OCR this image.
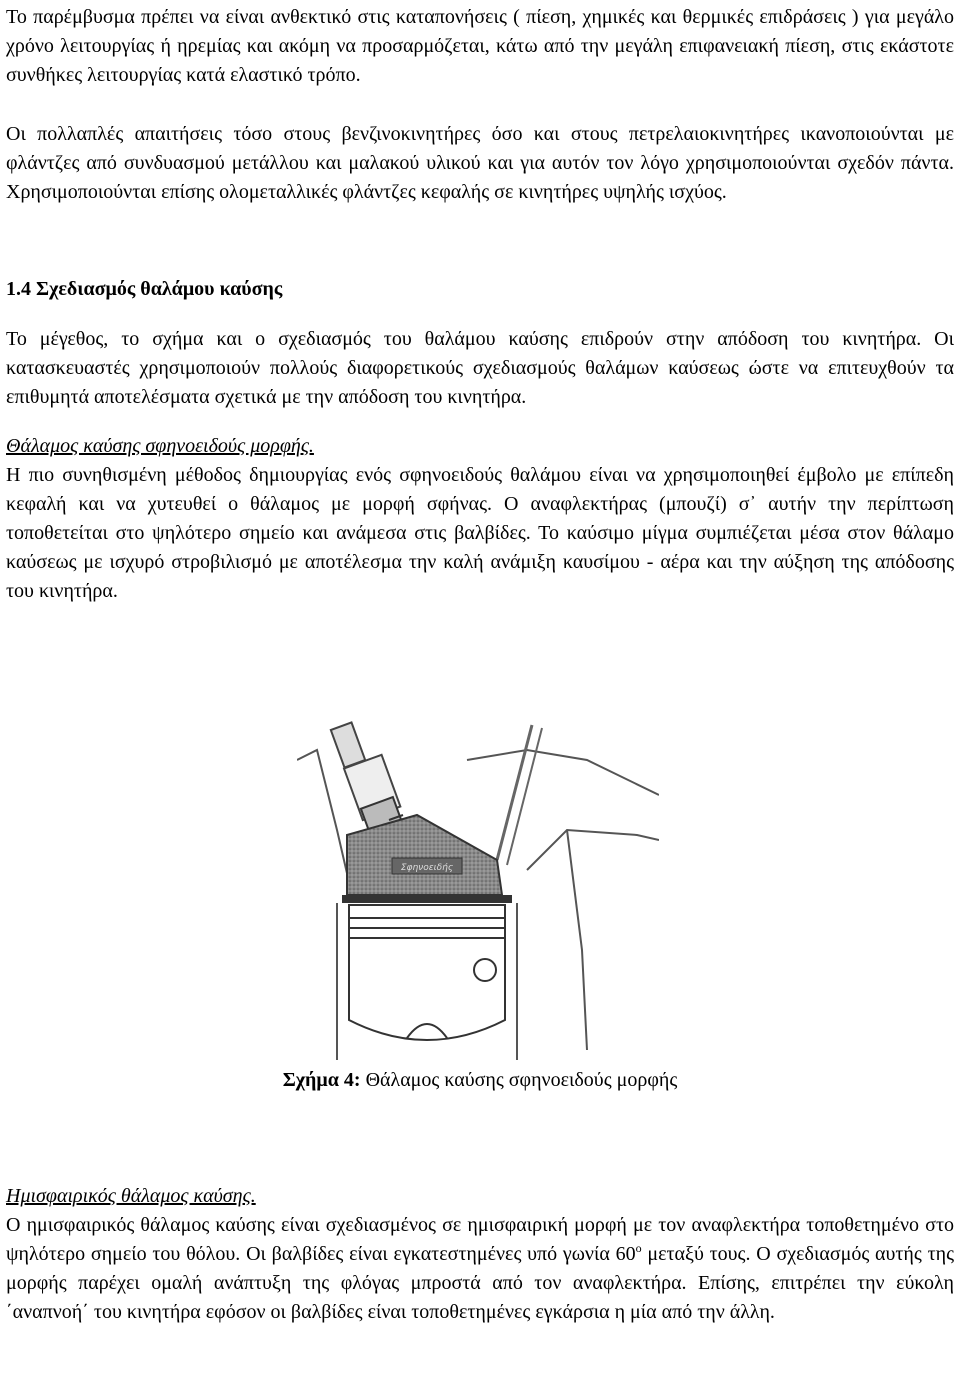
Το παρέμβυσμα πρέπει να είναι ανθεκτικό στις καταπονήσεις ( πίεση, χημικές και θερμικές επιδράσεις ) για μεγάλο χρόνο λειτουργίας ή ηρεμίας και ακόμη να προσαρμόζεται, κάτω από την μεγάλη επιφανειακή πίεση, στις εκάστοτε συνθήκες λειτουργίας κατά ελαστικό τρόπο.

Οι πολλαπλές απαιτήσεις τόσο στους βενζινοκινητήρες όσο και στους πετρελαιοκινητήρες ικανοποιούνται με φλάντζες από συνδυασμού μετάλλου και μαλακού υλικού και για αυτόν τον λόγο χρησιμοποιούνται σχεδόν πάντα. Χρησιμοποιούνται επίσης ολομεταλλικές φλάντζες κεφαλής σε κινητήρες υψηλής ισχύος.

1.4 Σχεδιασμός θαλάμου καύσης

Το μέγεθος, το σχήμα και ο σχεδιασμός του θαλάμου καύσης επιδρούν στην απόδοση του κινητήρα. Οι κατασκευαστές χρησιμοποιούν πολλούς διαφορετικούς σχεδιασμούς θαλάμων καύσεως ώστε να επιτευχθούν τα επιθυμητά αποτελέσματα σχετικά με την απόδοση του κινητήρα.

Θάλαμος καύσης σφηνοειδούς μορφής.

Η πιο συνηθισμένη μέθοδος δημιουργίας ενός σφηνοειδούς θαλάμου είναι να χρησιμοποιηθεί έμβολο με επίπεδη κεφαλή και να χυτευθεί ο θάλαμος με μορφή σφήνας. Ο αναφλεκτήρας (μπουζί) σ᾽ αυτήν την περίπτωση τοποθετείται στο ψηλότερο σημείο και ανάμεσα στις βαλβίδες. Το καύσιμο μίγμα συμπιέζεται μέσα στον θάλαμο καύσεως με ισχυρό στροβιλισμό με αποτέλεσμα την καλή ανάμιξη καυσίμου - αέρα και την αύξηση της απόδοσης του κινητήρα.

Σφηνοειδής
Σχήμα 4: Θάλαμος καύσης σφηνοειδούς μορφής
Ημισφαιρικός θάλαμος καύσης.

Ο ημισφαιρικός θάλαμος καύσης είναι σχεδιασμένος σε ημισφαιρική μορφή με τον αναφλεκτήρα τοποθετημένο στο ψηλότερο σημείο του θόλου. Οι βαλβίδες είναι εγκατεστημένες υπό γωνία $60^o$ μεταξύ τους. Ο σχεδιασμός αυτής της μορφής παρέχει ομαλή ανάπτυξη της φλόγας μπροστά από τον αναφλεκτήρα. Επίσης, επιτρέπει την εύκολη ΄αναπνοή΄ του κινητήρα εφόσον οι βαλβίδες είναι τοποθετημένες εγκάρσια η μία από την άλλη.
